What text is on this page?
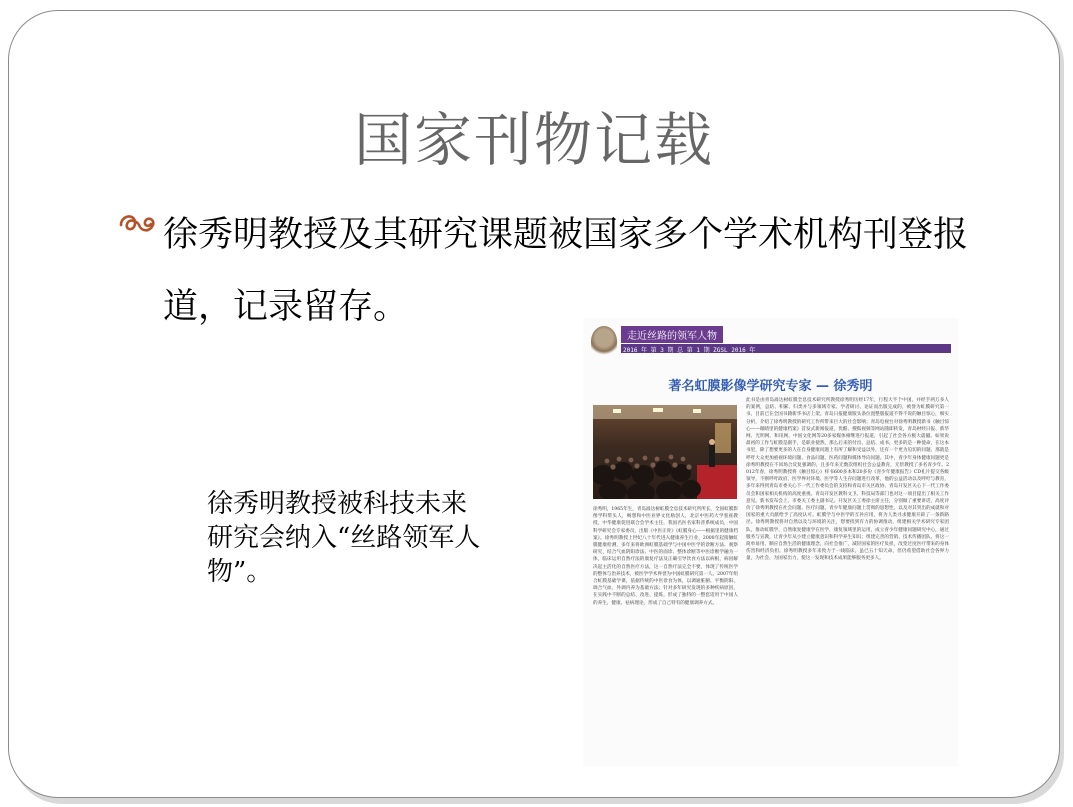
国家刊物记载
徐秀明教授及其研究课题被国家多个学术机构刊登报道，记录留存。
徐秀明教授被科技未来研究会纳入“丝路领军人物”。
走近丝路的领军人物
2016 年 第 3 期 总 第 1 期 ZGSL 2016 年
著名虹膜影像学研究专家 — 徐秀明
徐秀明，1965年生，青岛溢达树虹膜全息技术研究所所长，全国虹膜影像学科带头人，畅想和中医业界文化励创人，北京中医药大学客座教授，中华健康促进联合会学术主任，我国名医名家科普系统成员，中国科学研究会专家委员，出版《中医正骨》《虹膜身心——根据里的健康档案》。徐秀明教授上世纪八十年代进入健康养生行业，2000年起接触虹膜健康检测，多年来将欧洲虹膜基础学与中国中医学的诊断方法、观察研究，结合气血阴阳诊法、中医的面诊、整体诊断等中医诊断学融为一体，临床运用自然疗法的康复疗法及正确引导饮食方法以病根，病因解决起主活化的自然医疗方法，这一自然疗法完全不要，体现了传统医学的整体与治养技术，被医学学术界誉为中国虹膜研究第一人。2007年组合虹膜基础学课，依据传统的中医诊食为体，以调通脏腑、平衡阴阳、调合气血，外调内养为基础方法；针对多年研究发现的多种疾病原因，在实践中不断的总结、改进、提炼，形成了独特的一整套适用于中国人的养生、健康、祛病理论，形成了自己特有的健康调养方式。
此书是由青岛溢达树虹膜全息技术研究所教授徐秀明历经17年，行程大半个中国，并经手两万多人的案例，总结、积累、归类并与多领域专家、学者研讨、论证而出版完成的，被誉为虹膜研究第一书，目前已在全国书籍新华书店上架。青岛日报健康版头条位置整版报道不得不说的触目惊心，细实分析，介绍了徐秀明教授的研究工作所带来巨大的社会影响；青岛电视台对徐秀明教授新书《触目惊心——眼睛里的健康档案》首发式新闻报道，优酷、搜狐视频等网站随即转发，青岛财经日报、新华网、光明网、和讯网、中国文化网等20多家媒体相继进行报道，引起了社会各方极大震撼。如果说最初的工作与虹膜是副手，是职业使然，那么后来的付出、总结、成书，更多的是一种使命，在这本书里，除了想要更多的人在自身健康问题上有所了解和受益以外，还有一个更为迫切的问题，那就是呼吁大众更加重视环境问题、食品问题、医药问题和媒体导向问题。其中，青少年身体健康问题更是徐秀明教授在不同场合反复强调的，且多年来无数次组织社会公益教育，无偿教授了多名青少年。2012年春，徐秀明教授将《触目惊心》样书600多本和20多份《青少年健康报告》CD礼片提交各级领导，不断呼吁政府、医学界对环境、医学等人生存问题进行改革，他的公益活动以及呼吁与教育，多年来得到青岛市委关心下一代工作委员会的支持和青岛市关区政协、青岛开发区关心下一代工作委员会和国家相关机构的高度重视。青岛开发区教科文卫、科技局等部门也对这一项目提出了相关工作意见。新书发布会上，市委关工委主副书记、开发区关工委徐主席主任，分别做了重要讲话，高度评价了徐秀明教授在社会问题、医疗问题、青少年健康问题上贯彻的思想性，以及对其突出的成就和对国家的重大贡献给予了高度认可。虹膜学与中医学的互补应用，将为人类寻求健康开辟了一条新路径。徐秀明教授将对自然以及与环境的关注，想要找到有力的协调推动，组建相关学术研究专家团队，推动虹膜学、自然康复健康学在医学、康复领域里的运用，成立青少年健康问题研究中心，通过服务与宣教，让青少年从小建立健康意识和科学养生知识；组建完善的营销、技术传播团队，将这一简单易用、顺应自然生活的健康理念，向社会推广，减轻国家的医疗负担，改变过度医疗带来的身体伤害和经济负担。徐秀明教授多年来致力于一线临床，虽已五十知天命，但仍希望借助社会各界力量，为社会、为国家出力，使这一发现和技术成果能够服务更多人。
